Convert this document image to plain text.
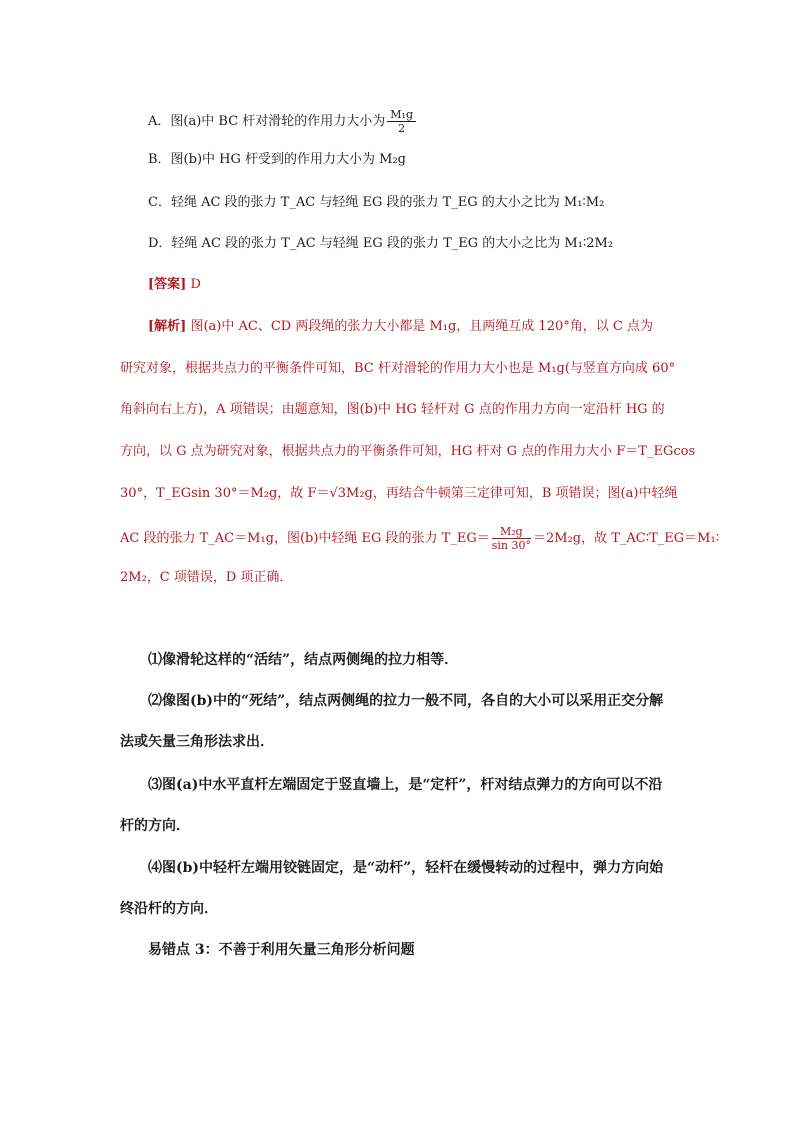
A．图(a)中 BC 杆对滑轮的作用力大小为 $\frac{\text{M₁g}}{2}$
B．图(b)中 HG 杆受到的作用力大小为 M₂g
C．轻绳 AC 段的张力 T_AC 与轻绳 EG 段的张力 T_EG 的大小之比为 M₁∶M₂
D．轻绳 AC 段的张力 T_AC 与轻绳 EG 段的张力 T_EG 的大小之比为 M₁∶2M₂
[答案] D
[解析] 图(a)中 AC、CD 两段绳的张力大小都是 M₁g，且两绳互成 120°角，以 C 点为
研究对象，根据共点力的平衡条件可知，BC 杆对滑轮的作用力大小也是 M₁g(与竖直方向成 60°
角斜向右上方)，A 项错误；由题意知，图(b)中 HG 轻杆对 G 点的作用力方向一定沿杆 HG 的
方向，以 G 点为研究对象，根据共点力的平衡条件可知，HG 杆对 G 点的作用力大小 F＝T_EGcos
30°，T_EGsin 30°＝M₂g，故 F＝√3M₂g，再结合牛顿第三定律可知，B 项错误；图(a)中轻绳
AC 段的张力 T_AC＝M₁g，图(b)中轻绳 EG 段的张力 T_EG＝ $\frac{\text{M₂g}}{\sin 30^\circ} =2M_2g$，故 T_AC∶T_EG＝M₁∶
2M₂，C 项错误，D 项正确．
⑴像滑轮这样的“活结”，结点两侧绳的拉力相等．
⑵像图(b)中的“死结”，结点两侧绳的拉力一般不同，各自的大小可以采用正交分解
法或矢量三角形法求出．
⑶图(a)中水平直杆左端固定于竖直墙上，是“定杆”，杆对结点弹力的方向可以不沿
杆的方向．
⑷图(b)中轻杆左端用铰链固定，是“动杆”，轻杆在缓慢转动的过程中，弹力方向始
终沿杆的方向．
易错点 3：不善于利用矢量三角形分析问题
